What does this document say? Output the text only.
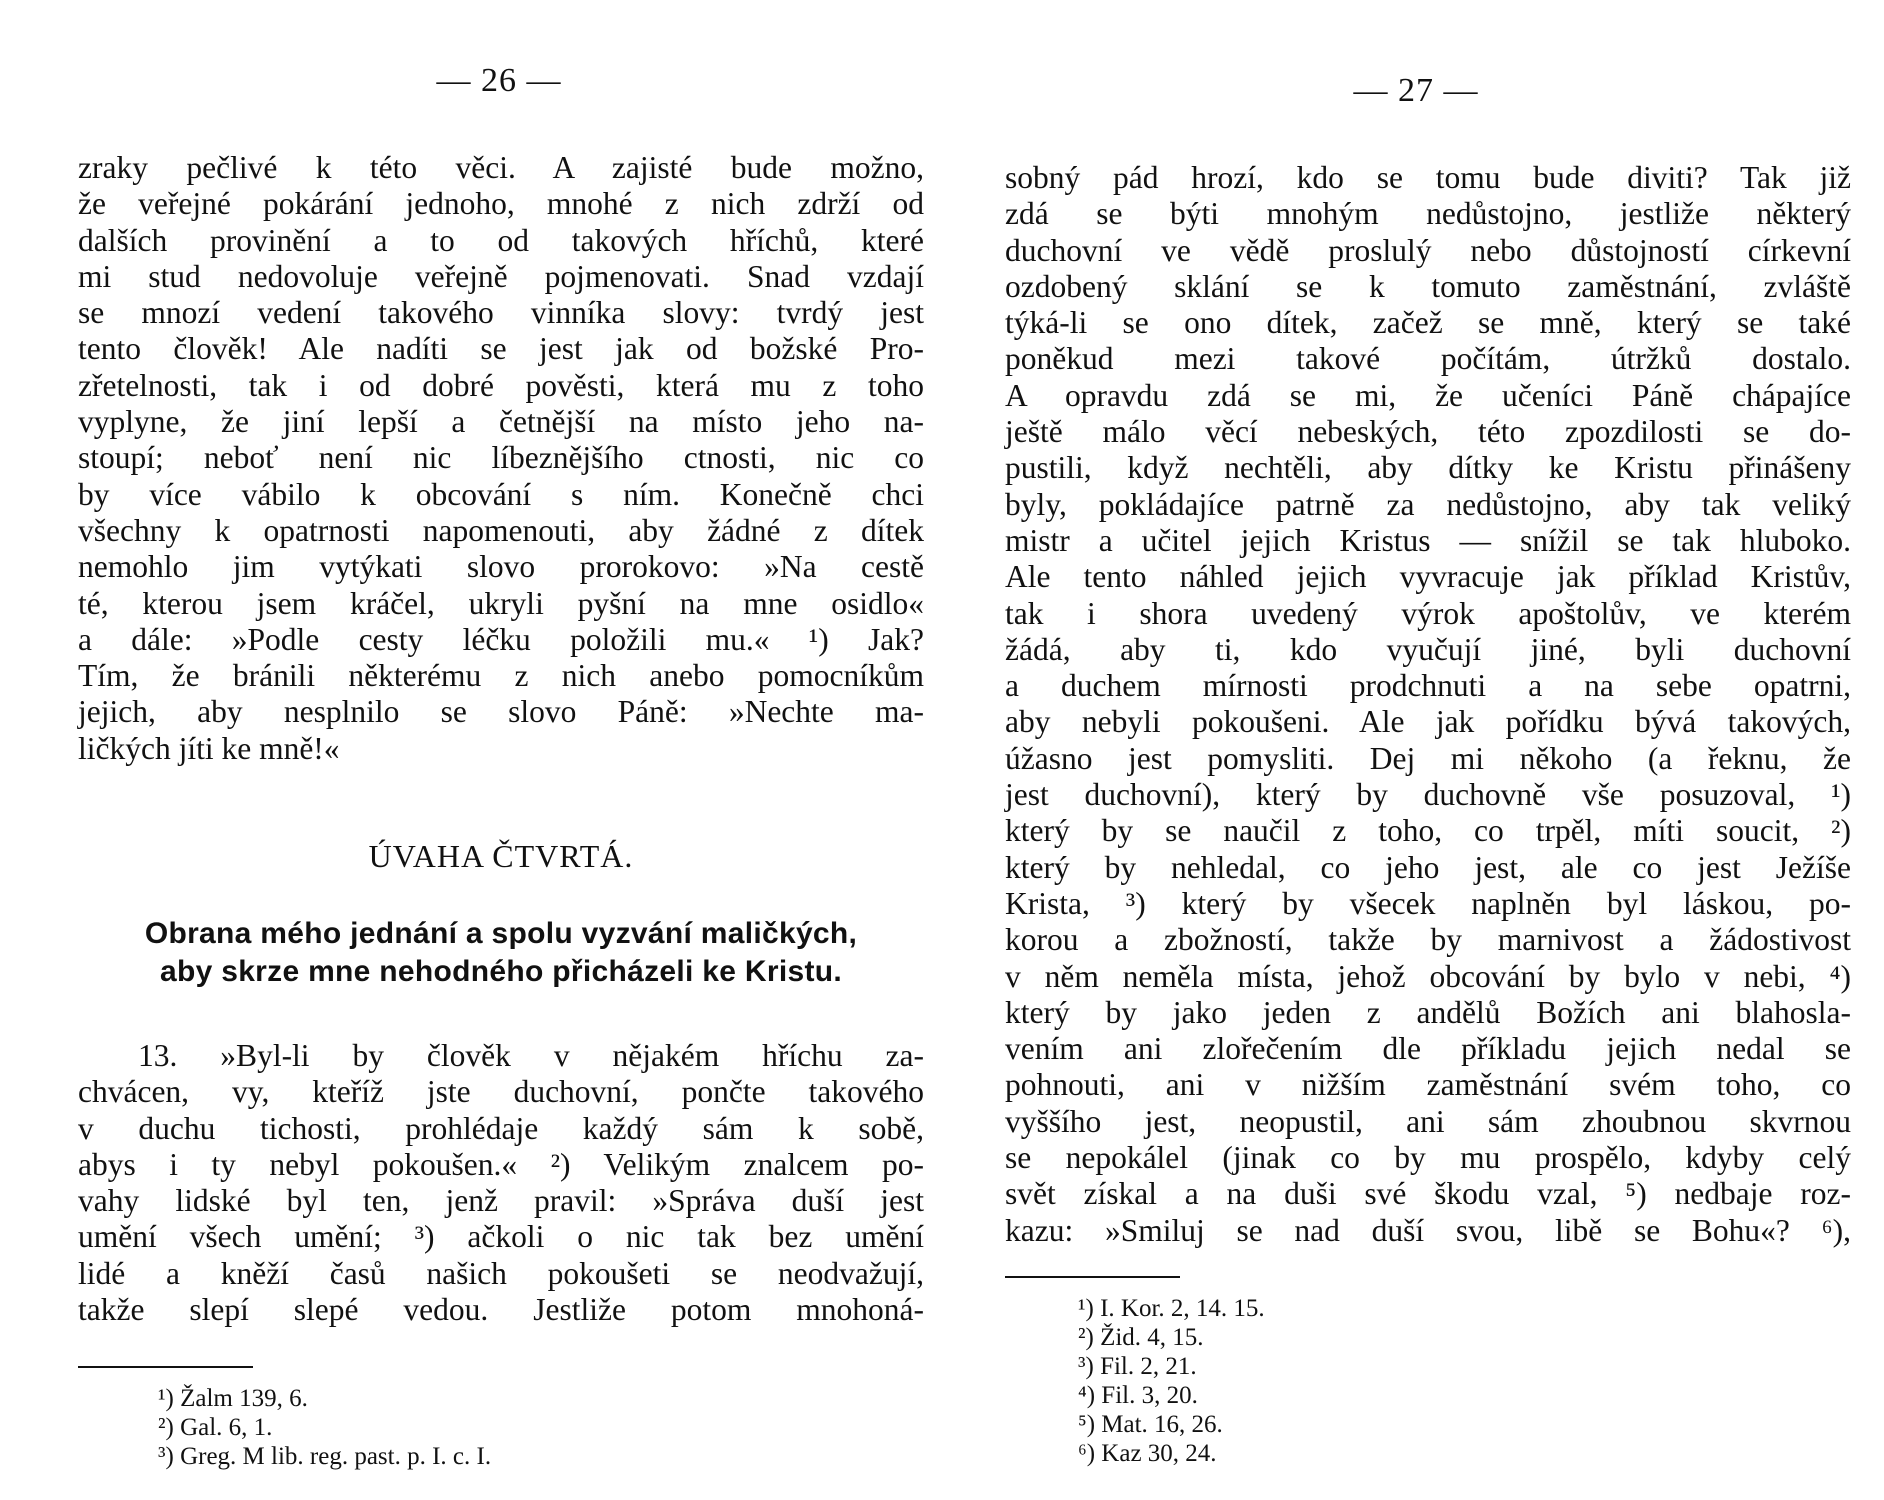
— 26 —
zraky pečlivé k této věci. A zajisté bude možno,
že veřejné pokárání jednoho, mnohé z nich zdrží od
dalších provinění a to od takových hříchů, které
mi stud nedovoluje veřejně pojmenovati. Snad vzdají
se mnozí vedení takového vinníka slovy: tvrdý jest
tento člověk! Ale nadíti se jest jak od božské Pro-
zřetelnosti, tak i od dobré pověsti, která mu z toho
vyplyne, že jiní lepší a četnější na místo jeho na-
stoupí; neboť není nic líbeznějšího ctnosti, nic co
by více vábilo k obcování s ním. Konečně chci
všechny k opatrnosti napomenouti, aby žádné z dítek
nemohlo jim vytýkati slovo prorokovo: »Na cestě
té, kterou jsem kráčel, ukryli pyšní na mne osidlo«
a dále: »Podle cesty léčku položili mu.« ¹) Jak?
Tím, že bránili některému z nich anebo pomocníkům
jejich, aby nesplnilo se slovo Páně: »Nechte ma-
ličkých jíti ke mně!«
ÚVAHA ČTVRTÁ.
Obrana mého jednání a spolu vyzvání maličkých,
aby skrze mne nehodného přicházeli ke Kristu.
13. »Byl-li by člověk v nějakém hříchu za-
chvácen, vy, kteříž jste duchovní, pončte takového
v duchu tichosti, prohlédaje každý sám k sobě,
abys i ty nebyl pokoušen.« ²) Velikým znalcem po-
vahy lidské byl ten, jenž pravil: »Správa duší jest
umění všech umění; ³) ačkoli o nic tak bez umění
lidé a kněží časů našich pokoušeti se neodvažují,
takže slepí slepé vedou. Jestliže potom mnohoná-
¹) Žalm 139, 6.
²) Gal. 6, 1.
³) Greg. M lib. reg. past. p. I. c. I.
— 27 —
sobný pád hrozí, kdo se tomu bude diviti? Tak již
zdá se býti mnohým nedůstojno, jestliže některý
duchovní ve vědě proslulý nebo důstojností církevní
ozdobený sklání se k tomuto zaměstnání, zvláště
týká-li se ono dítek, začež se mně, který se také
poněkud mezi takové počítám, útržků dostalo.
A opravdu zdá se mi, že učeníci Páně chápajíce
ještě málo věcí nebeských, této zpozdilosti se do-
pustili, když nechtěli, aby dítky ke Kristu přinášeny
byly, pokládajíce patrně za nedůstojno, aby tak veliký
mistr a učitel jejich Kristus — snížil se tak hluboko.
Ale tento náhled jejich vyvracuje jak příklad Kristův,
tak i shora uvedený výrok apoštolův, ve kterém
žádá, aby ti, kdo vyučují jiné, byli duchovní
a duchem mírnosti prodchnuti a na sebe opatrni,
aby nebyli pokoušeni. Ale jak pořídku bývá takových,
úžasno jest pomysliti. Dej mi někoho (a řeknu, že
jest duchovní), který by duchovně vše posuzoval, ¹)
který by se naučil z toho, co trpěl, míti soucit, ²)
který by nehledal, co jeho jest, ale co jest Ježíše
Krista, ³) který by všecek naplněn byl láskou, po-
korou a zbožností, takže by marnivost a žádostivost
v něm neměla místa, jehož obcování by bylo v nebi, ⁴)
který by jako jeden z andělů Božích ani blahosla-
vením ani zlořečením dle příkladu jejich nedal se
pohnouti, ani v nižším zaměstnání svém toho, co
vyššího jest, neopustil, ani sám zhoubnou skvrnou
se nepokálel (jinak co by mu prospělo, kdyby celý
svět získal a na duši své škodu vzal, ⁵) nedbaje roz-
kazu: »Smiluj se nad duší svou, libě se Bohu«? ⁶),
¹) I. Kor. 2, 14. 15.
²) Žid. 4, 15.
³) Fil. 2, 21.
⁴) Fil. 3, 20.
⁵) Mat. 16, 26.
⁶) Kaz 30, 24.
